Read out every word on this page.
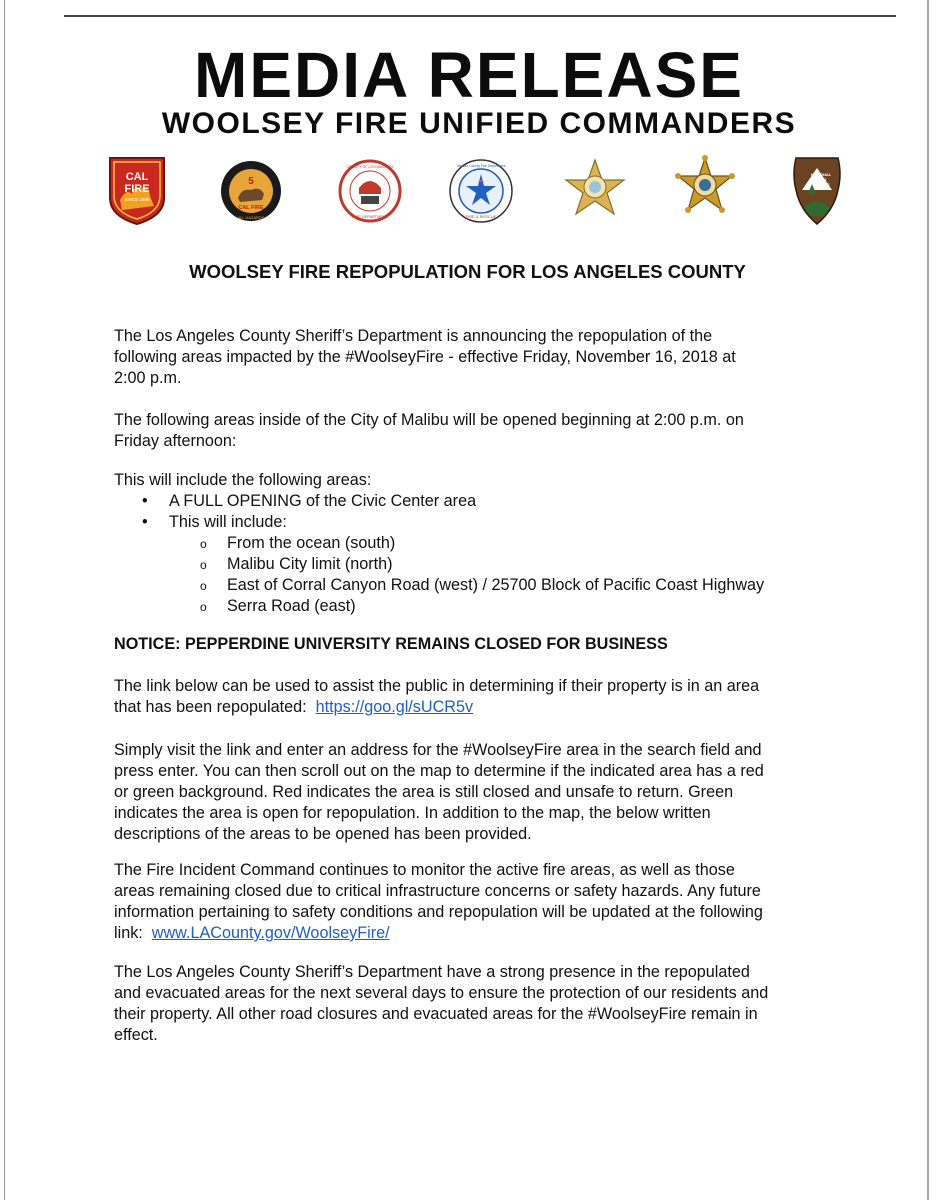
MEDIA RELEASE
WOOLSEY FIRE UNIFIED COMMANDERS
CAL
FIRE
SINCE 1885
5
CAL FIRE
ALL HAZARDS
COUNTY OF LOS ANGELES
FIRE DEPARTMENT
Ventura County Fire Department
FIRE & RESCUE
NATIONAL
PARK
SERVICE
WOOLSEY FIRE REPOPULATION FOR LOS ANGELES COUNTY
The Los Angeles County Sheriff’s Department is announcing the repopulation of the
following areas impacted by the #WoolseyFire - effective Friday, November 16, 2018 at
2:00 p.m.
The following areas inside of the City of Malibu will be opened beginning at 2:00 p.m. on
Friday afternoon:
This will include the following areas:
• A FULL OPENING of the Civic Center area
• This will include:
o From the ocean (south)
o Malibu City limit (north)
o East of Corral Canyon Road (west) / 25700 Block of Pacific Coast Highway
o Serra Road (east)
NOTICE: PEPPERDINE UNIVERSITY REMAINS CLOSED FOR BUSINESS
The link below can be used to assist the public in determining if their property is in an area
that has been repopulated:  https://goo.gl/sUCR5v
Simply visit the link and enter an address for the #WoolseyFire area in the search field and
press enter. You can then scroll out on the map to determine if the indicated area has a red
or green background. Red indicates the area is still closed and unsafe to return. Green
indicates the area is open for repopulation. In addition to the map, the below written
descriptions of the areas to be opened has been provided.
The Fire Incident Command continues to monitor the active fire areas, as well as those
areas remaining closed due to critical infrastructure concerns or safety hazards. Any future
information pertaining to safety conditions and repopulation will be updated at the following
link:  www.LACounty.gov/WoolseyFire/
The Los Angeles County Sheriff’s Department have a strong presence in the repopulated
and evacuated areas for the next several days to ensure the protection of our residents and
their property. All other road closures and evacuated areas for the #WoolseyFire remain in
effect.
